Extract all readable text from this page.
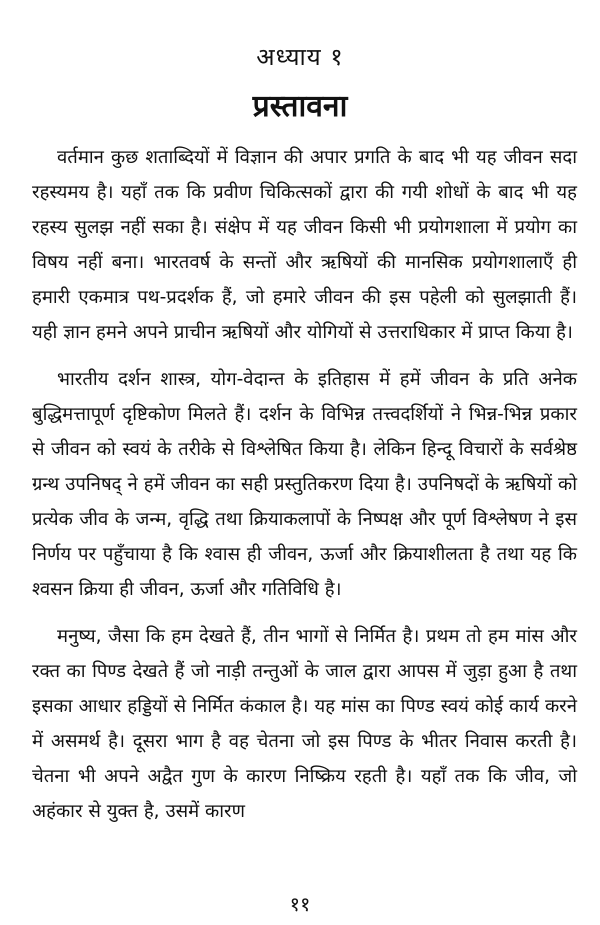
अध्याय १
प्रस्तावना

वर्तमान कुछ शताब्दियों में विज्ञान की अपार प्रगति के बाद भी यह जीवन सदा रहस्यमय है। यहाँ तक कि प्रवीण चिकित्सकों द्वारा की गयी शोधों के बाद भी यह रहस्य सुलझ नहीं सका है। संक्षेप में यह जीवन किसी भी प्रयोगशाला में प्रयोग का विषय नहीं बना। भारतवर्ष के सन्तों और ऋषियों की मानसिक प्रयोगशालाएँ ही हमारी एकमात्र पथ-प्रदर्शक हैं, जो हमारे जीवन की इस पहेली को सुलझाती हैं। यही ज्ञान हमने अपने प्राचीन ऋषियों और योगियों से उत्तराधिकार में प्राप्त किया है।

भारतीय दर्शन शास्त्र, योग-वेदान्त के इतिहास में हमें जीवन के प्रति अनेक बुद्धिमत्तापूर्ण दृष्टिकोण मिलते हैं। दर्शन के विभिन्न तत्त्वदर्शियों ने भिन्न-भिन्न प्रकार से जीवन को स्वयं के तरीके से विश्लेषित किया है। लेकिन हिन्दू विचारों के सर्वश्रेष्ठ ग्रन्थ उपनिषद् ने हमें जीवन का सही प्रस्तुतिकरण दिया है। उपनिषदों के ऋषियों को प्रत्येक जीव के जन्म, वृद्धि तथा क्रियाकलापों के निष्पक्ष और पूर्ण विश्लेषण ने इस निर्णय पर पहुँचाया है कि श्वास ही जीवन, ऊर्जा और क्रियाशीलता है तथा यह कि श्वसन क्रिया ही जीवन, ऊर्जा और गतिविधि है।

मनुष्य, जैसा कि हम देखते हैं, तीन भागों से निर्मित है। प्रथम तो हम मांस और रक्त का पिण्ड देखते हैं जो नाड़ी तन्तुओं के जाल द्वारा आपस में जुड़ा हुआ है तथा इसका आधार हड्डियों से निर्मित कंकाल है। यह मांस का पिण्ड स्वयं कोई कार्य करने में असमर्थ है। दूसरा भाग है वह चेतना जो इस पिण्ड के भीतर निवास करती है। चेतना भी अपने अद्वैत गुण के कारण निष्क्रिय रहती है। यहाँ तक कि जीव, जो अहंकार से युक्त है, उसमें कारण

११
